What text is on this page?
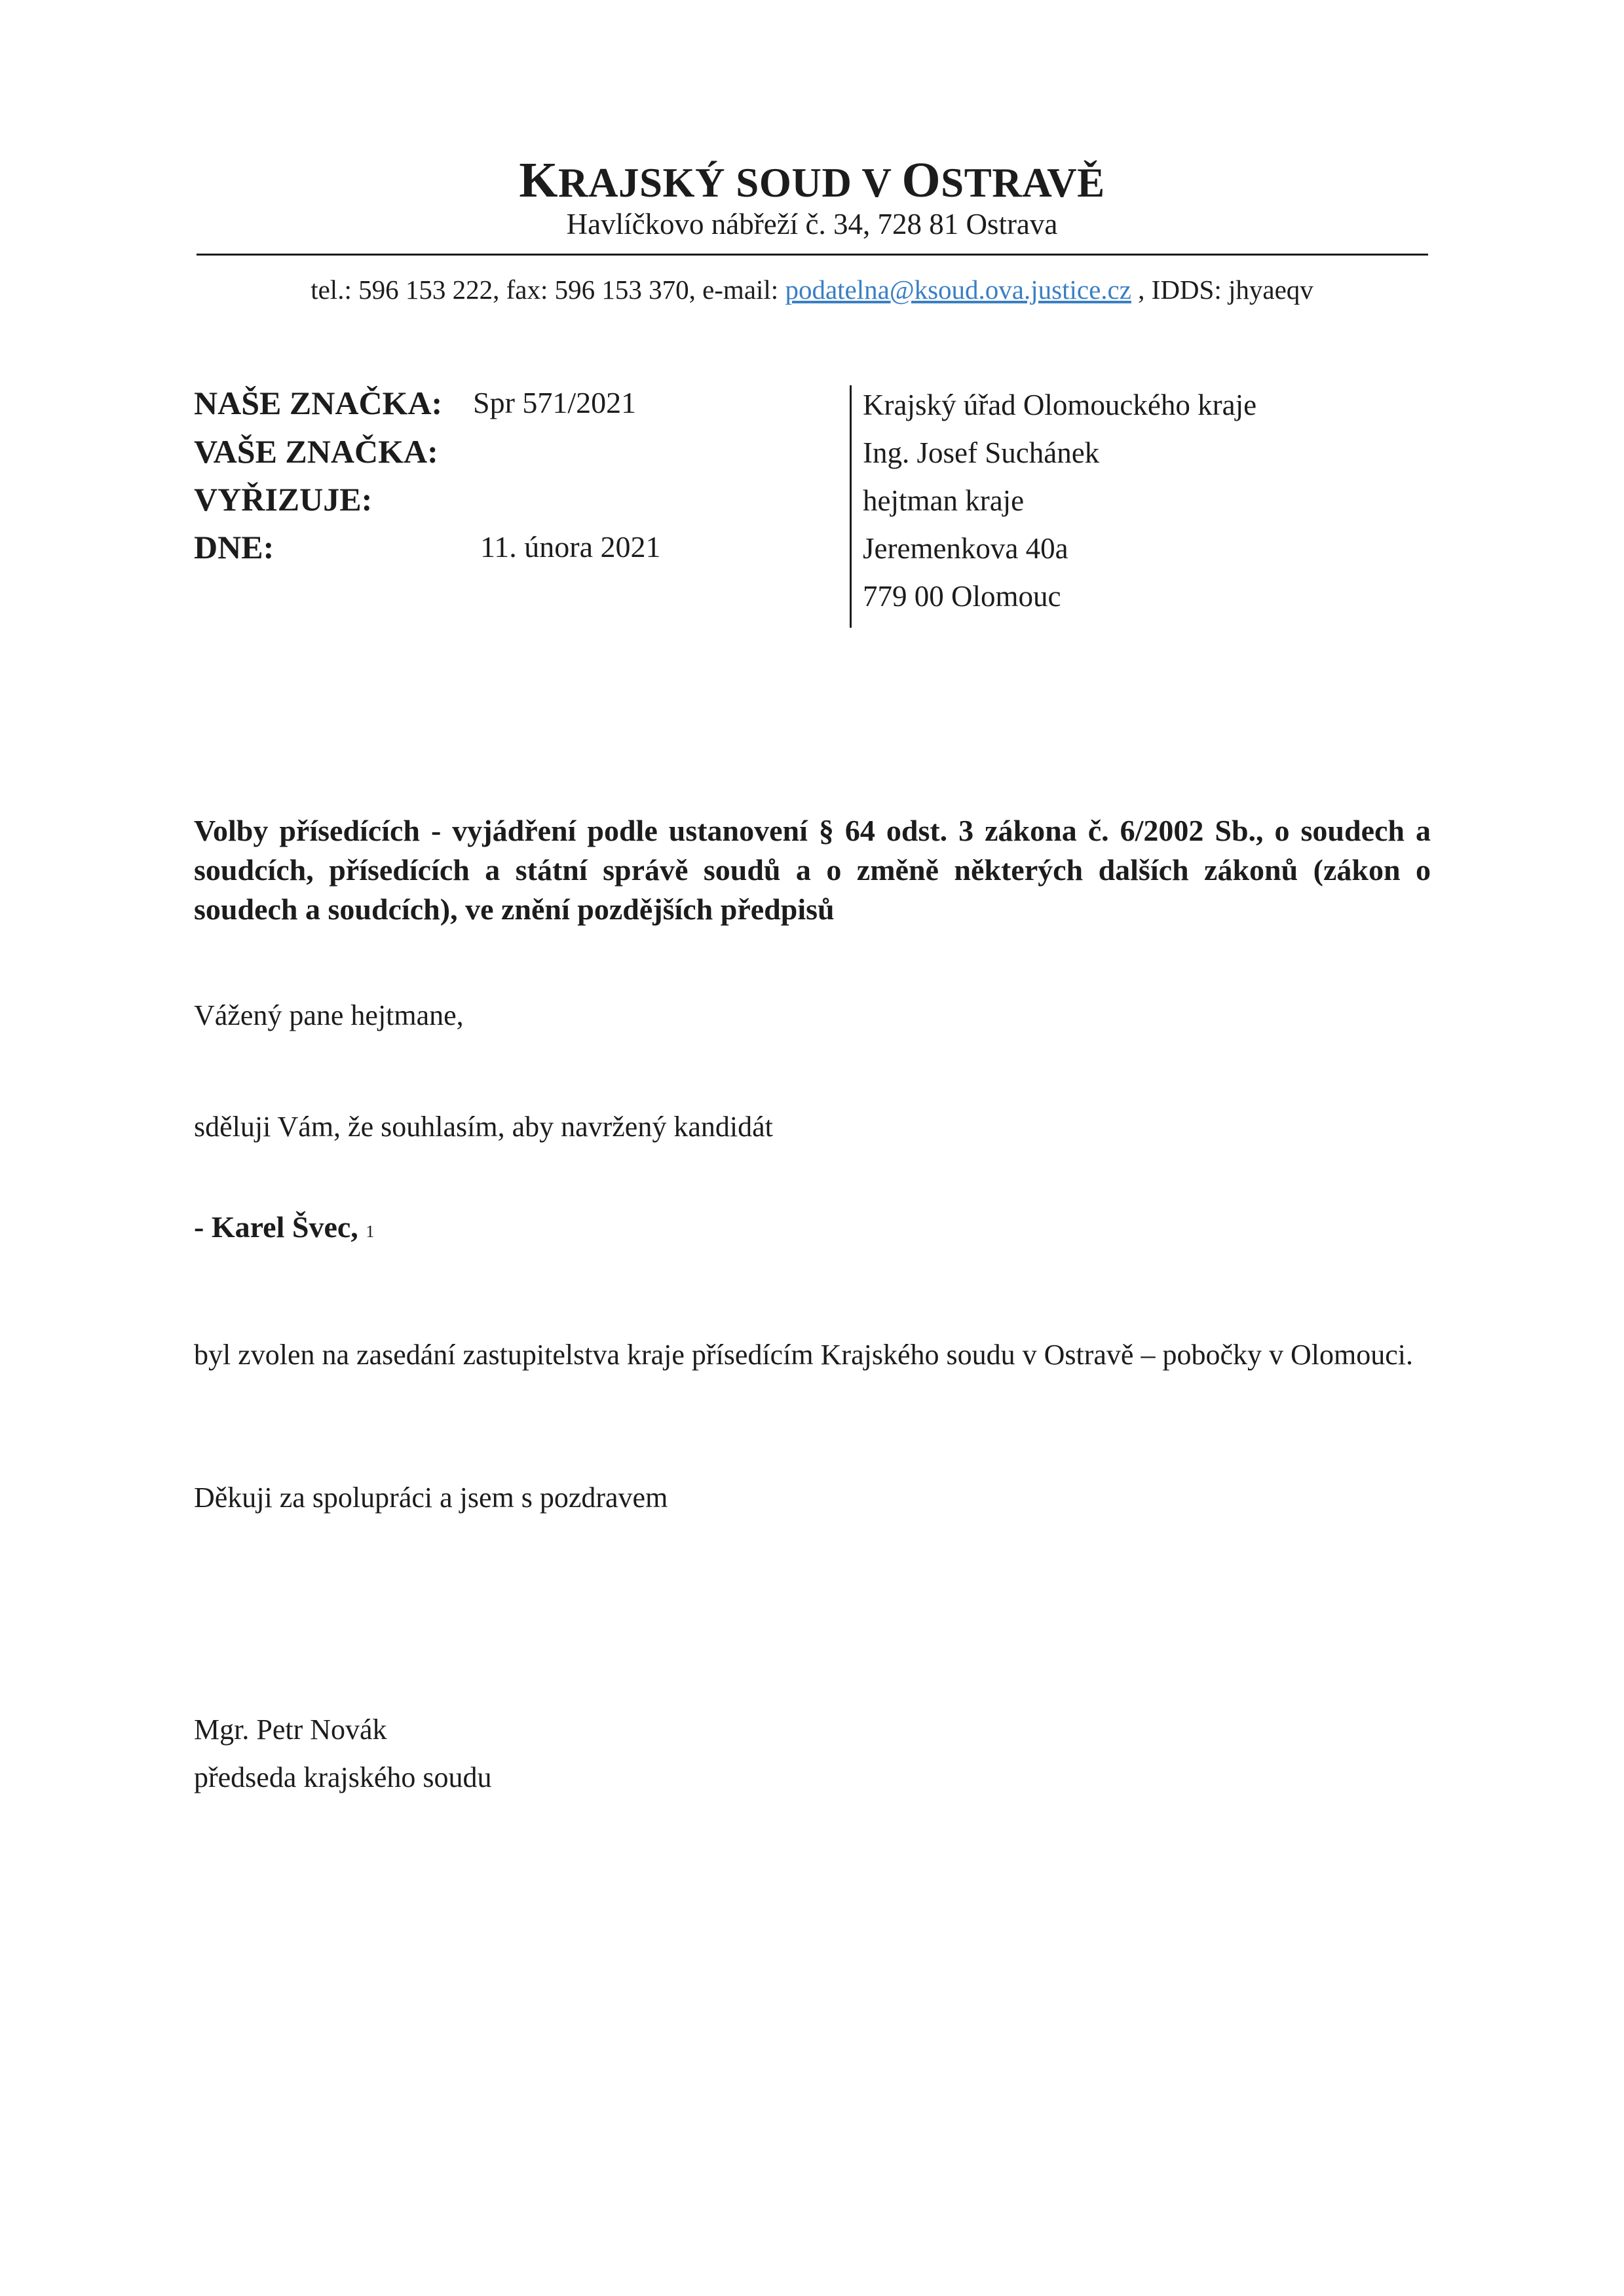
KRAJSKÝ SOUD V OSTRAVĚ
Havlíčkovo nábřeží č. 34, 728 81 Ostrava
tel.: 596 153 222, fax: 596 153 370, e-mail: podatelna@ksoud.ova.justice.cz , IDDS: jhyaeqv
NAŠE ZNAČKA: Spr 571/2021
VAŠE ZNAČKA:
VYŘIZUJE:
DNE:	11. února 2021
Krajský úřad Olomouckého kraje
Ing. Josef Suchánek
hejtman kraje
Jeremenkova 40a
779 00 Olomouc
Volby přísedících - vyjádření podle ustanovení § 64 odst. 3 zákona č. 6/2002 Sb., o soudech a soudcích, přísedících a státní správě soudů a o změně některých dalších zákonů (zákon o soudech a soudcích), ve znění pozdějších předpisů
Vážený pane hejtmane,
sděluji Vám, že souhlasím, aby navržený kandidát
- Karel Švec, 1
byl zvolen na zasedání zastupitelstva kraje přísedícím Krajského soudu v Ostravě – pobočky v Olomouci.
Děkuji za spolupráci a jsem s pozdravem
Mgr. Petr Novák
předseda krajského soudu
